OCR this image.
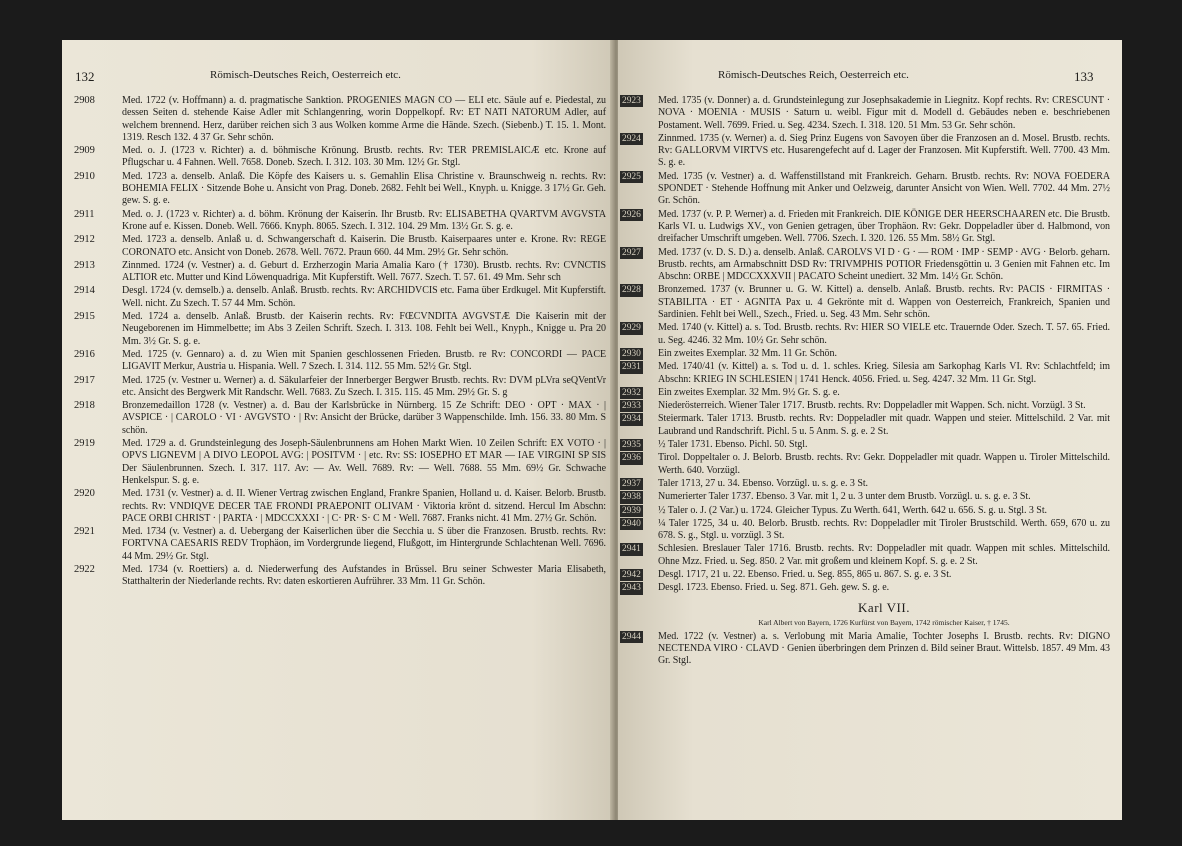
132	Römisch-Deutsches Reich, Oesterreich etc.
2908	Med. 1722 (v. Hoffmann) a. d. pragmatische Sanktion. PROGENIES MAGN CO — ELI etc. Säule auf e. Piedestal, zu dessen Seiten d. stehende Kaise Adler mit Schlangenring, worin Doppelkopf. Rv: ET NATI NATORUM Adler, auf welchem brennend. Herz, darüber reichen sich 3 aus Wolken komme Arme die Hände. Szech. (Siebenb.) T. 15. 1. Mont. 1319. Resch 132. 4 37 Gr. Sehr schön.
2909	Med. o. J. (1723 v. Richter) a. d. böhmische Krönung. Brustb. rechts. Rv: TER PREMISLAICÆ etc. Krone auf Pflugschar u. 4 Fahnen. Well. 7658. Doneb. Szech. I. 312. 103. 30 Mm. 12½ Gr. Stgl.
2910	Med. 1723 a. denselb. Anlaß. Die Köpfe des Kaisers u. s. Gemahlin Elisa Christine v. Braunschweig n. rechts. Rv: BOHEMIA FELIX · Sitzende Bohe u. Ansicht von Prag. Doneb. 2682. Fehlt bei Well., Knyph. u. Knigge. 3 17½ Gr. Geh. gew. S. g. e.
2911	Med. o. J. (1723 v. Richter) a. d. böhm. Krönung der Kaiserin. Ihr Brustb. Rv: ELISABETHA QVARTVM AVGVSTA Krone auf e. Kissen. Doneb. Well. 7666. Knyph. 8065. Szech. I. 312. 104. 29 Mm. 13½ Gr. S. g. e.
2912	Med. 1723 a. denselb. Anlaß u. d. Schwangerschaft d. Kaiserin. Die Brustb. Kaiserpaares unter e. Krone. Rv: REGE CORONATO etc. Ansicht von Doneb. 2678. Well. 7672. Praun 660. 44 Mm. 29½ Gr. Sehr schön.
2913	Zinnmed. 1724 (v. Vestner) a. d. Geburt d. Erzherzogin Maria Amalia Karo († 1730). Brustb. rechts. Rv: CVNCTIS ALTIOR etc. Mutter und Kind Löwenquadriga. Mit Kupferstift. Well. 7677. Szech. T. 57. 61. 49 Mm. Sehr sch
2914	Desgl. 1724 (v. demselb.) a. denselb. Anlaß. Brustb. rechts. Rv: ARCHIDVCIS etc. Fama über Erdkugel. Mit Kupferstift. Well. nicht. Zu Szech. T. 57 44 Mm. Schön.
2915	Med. 1724 a. denselb. Anlaß. Brustb. der Kaiserin rechts. Rv: FŒCVNDITA AVGVSTÆ Die Kaiserin mit der Neugeborenen im Himmelbette; im Abs 3 Zeilen Schrift. Szech. I. 313. 108. Fehlt bei Well., Knyph., Knigge u. Pra 20 Mm. 3½ Gr. S. g. e.
2916	Med. 1725 (v. Gennaro) a. d. zu Wien mit Spanien geschlossenen Frieden. Brustb. re Rv: CONCORDI — PACE LIGAVIT Merkur, Austria u. Hispania. Well. 7 Szech. I. 314. 112. 55 Mm. 52½ Gr. Stgl.
2917	Med. 1725 (v. Vestner u. Werner) a. d. Säkularfeier der Innerberger Bergwer Brustb. rechts. Rv: DVM pLVra seQVentVr etc. Ansicht des Bergwerk Mit Randschr. Well. 7683. Zu Szech. I. 315. 115. 45 Mm. 29½ Gr. S. g
2918	Bronzemedaillon 1728 (v. Vestner) a. d. Bau der Karlsbrücke in Nürnberg. 15 Ze Schrift: DEO · OPT · MAX · | AVSPICE · | CAROLO · VI · AVGVSTO · | Rv: Ansicht der Brücke, darüber 3 Wappenschilde. Imh. 156. 33. 80 Mm. S schön.
2919	Med. 1729 a. d. Grundsteinlegung des Joseph-Säulenbrunnens am Hohen Markt Wien. 10 Zeilen Schrift: EX VOTO · | OPVS LIGNEVM | A DIVO LEOPOL AVG: | POSITVM · | etc. Rv: SS: IOSEPHO ET MAR — IAE VIRGINI SP SIS Der Säulenbrunnen. Szech. I. 317. 117. Av: — Av. Well. 7689. Rv: — Well. 7688. 55 Mm. 69½ Gr. Schwache Henkelspur. S. g. e.
2920	Med. 1731 (v. Vestner) a. d. II. Wiener Vertrag zwischen England, Frankre Spanien, Holland u. d. Kaiser. Belorb. Brustb. rechts. Rv: VNDIQVE DECER TAE FRONDI PRAEPONIT OLIVAM · Viktoria krönt d. sitzend. Hercul Im Abschn: PACE ORBI CHRIST · | PARTA · | MDCCXXXI · | C· PR· S· C M · Well. 7687. Franks nicht. 41 Mm. 27½ Gr. Schön.
2921	Med. 1734 (v. Vestner) a. d. Uebergang der Kaiserlichen über die Secchia u. S über die Franzosen. Brustb. rechts. Rv: FORTVNA CAESARIS REDV Trophäon, im Vordergrunde liegend, Flußgott, im Hintergrunde Schlachtenan Well. 7696. 44 Mm. 29½ Gr. Stgl.
2922	Med. 1734 (v. Roettiers) a. d. Niederwerfung des Aufstandes in Brüssel. Bru seiner Schwester Maria Elisabeth, Statthalterin der Niederlande rechts. Rv: daten eskortieren Aufrührer. 33 Mm. 11 Gr. Schön.
Römisch-Deutsches Reich, Oesterreich etc.	133
2923 Med. 1735 (v. Donner) a. d. Grundsteinlegung zur Josephsakademie in Liegnitz. Kopf rechts. Rv: CRESCUNT · NOVA · MOENIA · MUSIS · Saturn u. weibl. Figur mit d. Modell d. Gebäudes neben e. beschriebenen Postament. Well. 7699. Fried. u. Seg. 4234. Szech. I. 318. 120. 51 Mm. 53 Gr. Sehr schön.
2924 Zinnmed. 1735 (v. Werner) a. d. Sieg Prinz Eugens von Savoyen über die Franzosen an d. Mosel. Brustb. rechts. Rv: GALLORVM VIRTVS etc. Husarengefecht auf d. Lager der Franzosen. Mit Kupferstift. Well. 7700. 43 Mm. S. g. e.
2925 Med. 1735 (v. Vestner) a. d. Waffenstillstand mit Frankreich. Geharn. Brustb. rechts. Rv: NOVA FOEDERA SPONDET · Stehende Hoffnung mit Anker und Oelzweig, darunter Ansicht von Wien. Well. 7702. 44 Mm. 27½ Gr. Schön.
2926 Med. 1737 (v. P. P. Werner) a. d. Frieden mit Frankreich. DIE KÖNIGE DER HEERSCHAAREN etc. Die Brustb. Karls VI. u. Ludwigs XV., von Genien getragen, über Trophäon. Rv: Gekr. Doppeladler über d. Halbmond, von dreifacher Umschrift umgeben. Well. 7706. Szech. I. 320. 126. 55 Mm. 58½ Gr. Stgl.
2927 Med. 1737 (v. D. S. D.) a. denselb. Anlaß. CAROLVS VI D · G · — ROM · IMP · SEMP · AVG · Belorb. geharn. Brustb. rechts, am Armabschnitt DSD Rv: TRIVMPHIS POTIOR Friedensgöttin u. 3 Genien mit Fahnen etc. Im Abschn: ORBE | MDCCXXXVII | PACATO Scheint unediert. 32 Mm. 14½ Gr. Schön.
2928 Bronzemed. 1737 (v. Brunner u. G. W. Kittel) a. denselb. Anlaß. Brustb. rechts. Rv: PACIS · FIRMITAS · STABILITA · ET · AGNITA Pax u. 4 Gekrönte mit d. Wappen von Oesterreich, Frankreich, Spanien und Sardinien. Fehlt bei Well., Szech., Fried. u. Seg. 43 Mm. Sehr schön.
2929 Med. 1740 (v. Kittel) a. s. Tod. Brustb. rechts. Rv: HIER SO VIELE etc. Trauernde Oder. Szech. T. 57. 65. Fried. u. Seg. 4246. 32 Mm. 10½ Gr. Sehr schön.
2930 Ein zweites Exemplar. 32 Mm. 11 Gr. Schön.
2931 Med. 1740/41 (v. Kittel) a. s. Tod u. d. 1. schles. Krieg. Silesia am Sarkophag Karls VI. Rv: Schlachtfeld; im Abschn: KRIEG IN SCHLESIEN | 1741 Henck. 4056. Fried. u. Seg. 4247. 32 Mm. 11 Gr. Stgl.
2932 Ein zweites Exemplar. 32 Mm. 9½ Gr. S. g. e.
2933 Niederösterreich. Wiener Taler 1717. Brustb. rechts. Rv: Doppeladler mit Wappen. Sch. nicht. Vorzügl. 3 St.
2934 Steiermark. Taler 1713. Brustb. rechts. Rv: Doppeladler mit quadr. Wappen und steier. Mittelschild. 2 Var. mit Laubrand und Randschrift. Pichl. 5 u. 5 Anm. S. g. e. 2 St.
2935 ½ Taler 1731. Ebenso. Pichl. 50. Stgl.
2936 Tirol. Doppeltaler o. J. Belorb. Brustb. rechts. Rv: Gekr. Doppeladler mit quadr. Wappen u. Tiroler Mittelschild. Werth. 640. Vorzügl.
2937 Taler 1713, 27 u. 34. Ebenso. Vorzügl. u. s. g. e. 3 St.
2938 Numerierter Taler 1737. Ebenso. 3 Var. mit 1, 2 u. 3 unter dem Brustb. Vorzügl. u. s. g. e. 3 St.
2939 ½ Taler o. J. (2 Var.) u. 1724. Gleicher Typus. Zu Werth. 641, Werth. 642 u. 656. S. g. u. Stgl. 3 St.
2940 ¼ Taler 1725, 34 u. 40. Belorb. Brustb. rechts. Rv: Doppeladler mit Tiroler Brustschild. Werth. 659, 670 u. zu 678. S. g., Stgl. u. vorzügl. 3 St.
2941 Schlesien. Breslauer Taler 1716. Brustb. rechts. Rv: Doppeladler mit quadr. Wappen mit schles. Mittelschild. Ohne Mzz. Fried. u. Seg. 850. 2 Var. mit großem und kleinem Kopf. S. g. e. 2 St.
2942 Desgl. 1717, 21 u. 22. Ebenso. Fried. u. Seg. 855, 865 u. 867. S. g. e. 3 St.
2943 Desgl. 1723. Ebenso. Fried. u. Seg. 871. Geh. gew. S. g. e.
Karl VII.
Karl Albert von Bayern, 1726 Kurfürst von Bayern, 1742 römischer Kaiser, † 1745.
2944 Med. 1722 (v. Vestner) a. s. Verlobung mit Maria Amalie, Tochter Josephs I. Brustb. rechts. Rv: DIGNO NECTENDA VIRO · CLAVD · Genien überbringen dem Prinzen d. Bild seiner Braut. Wittelsb. 1857. 49 Mm. 43 Gr. Stgl.
